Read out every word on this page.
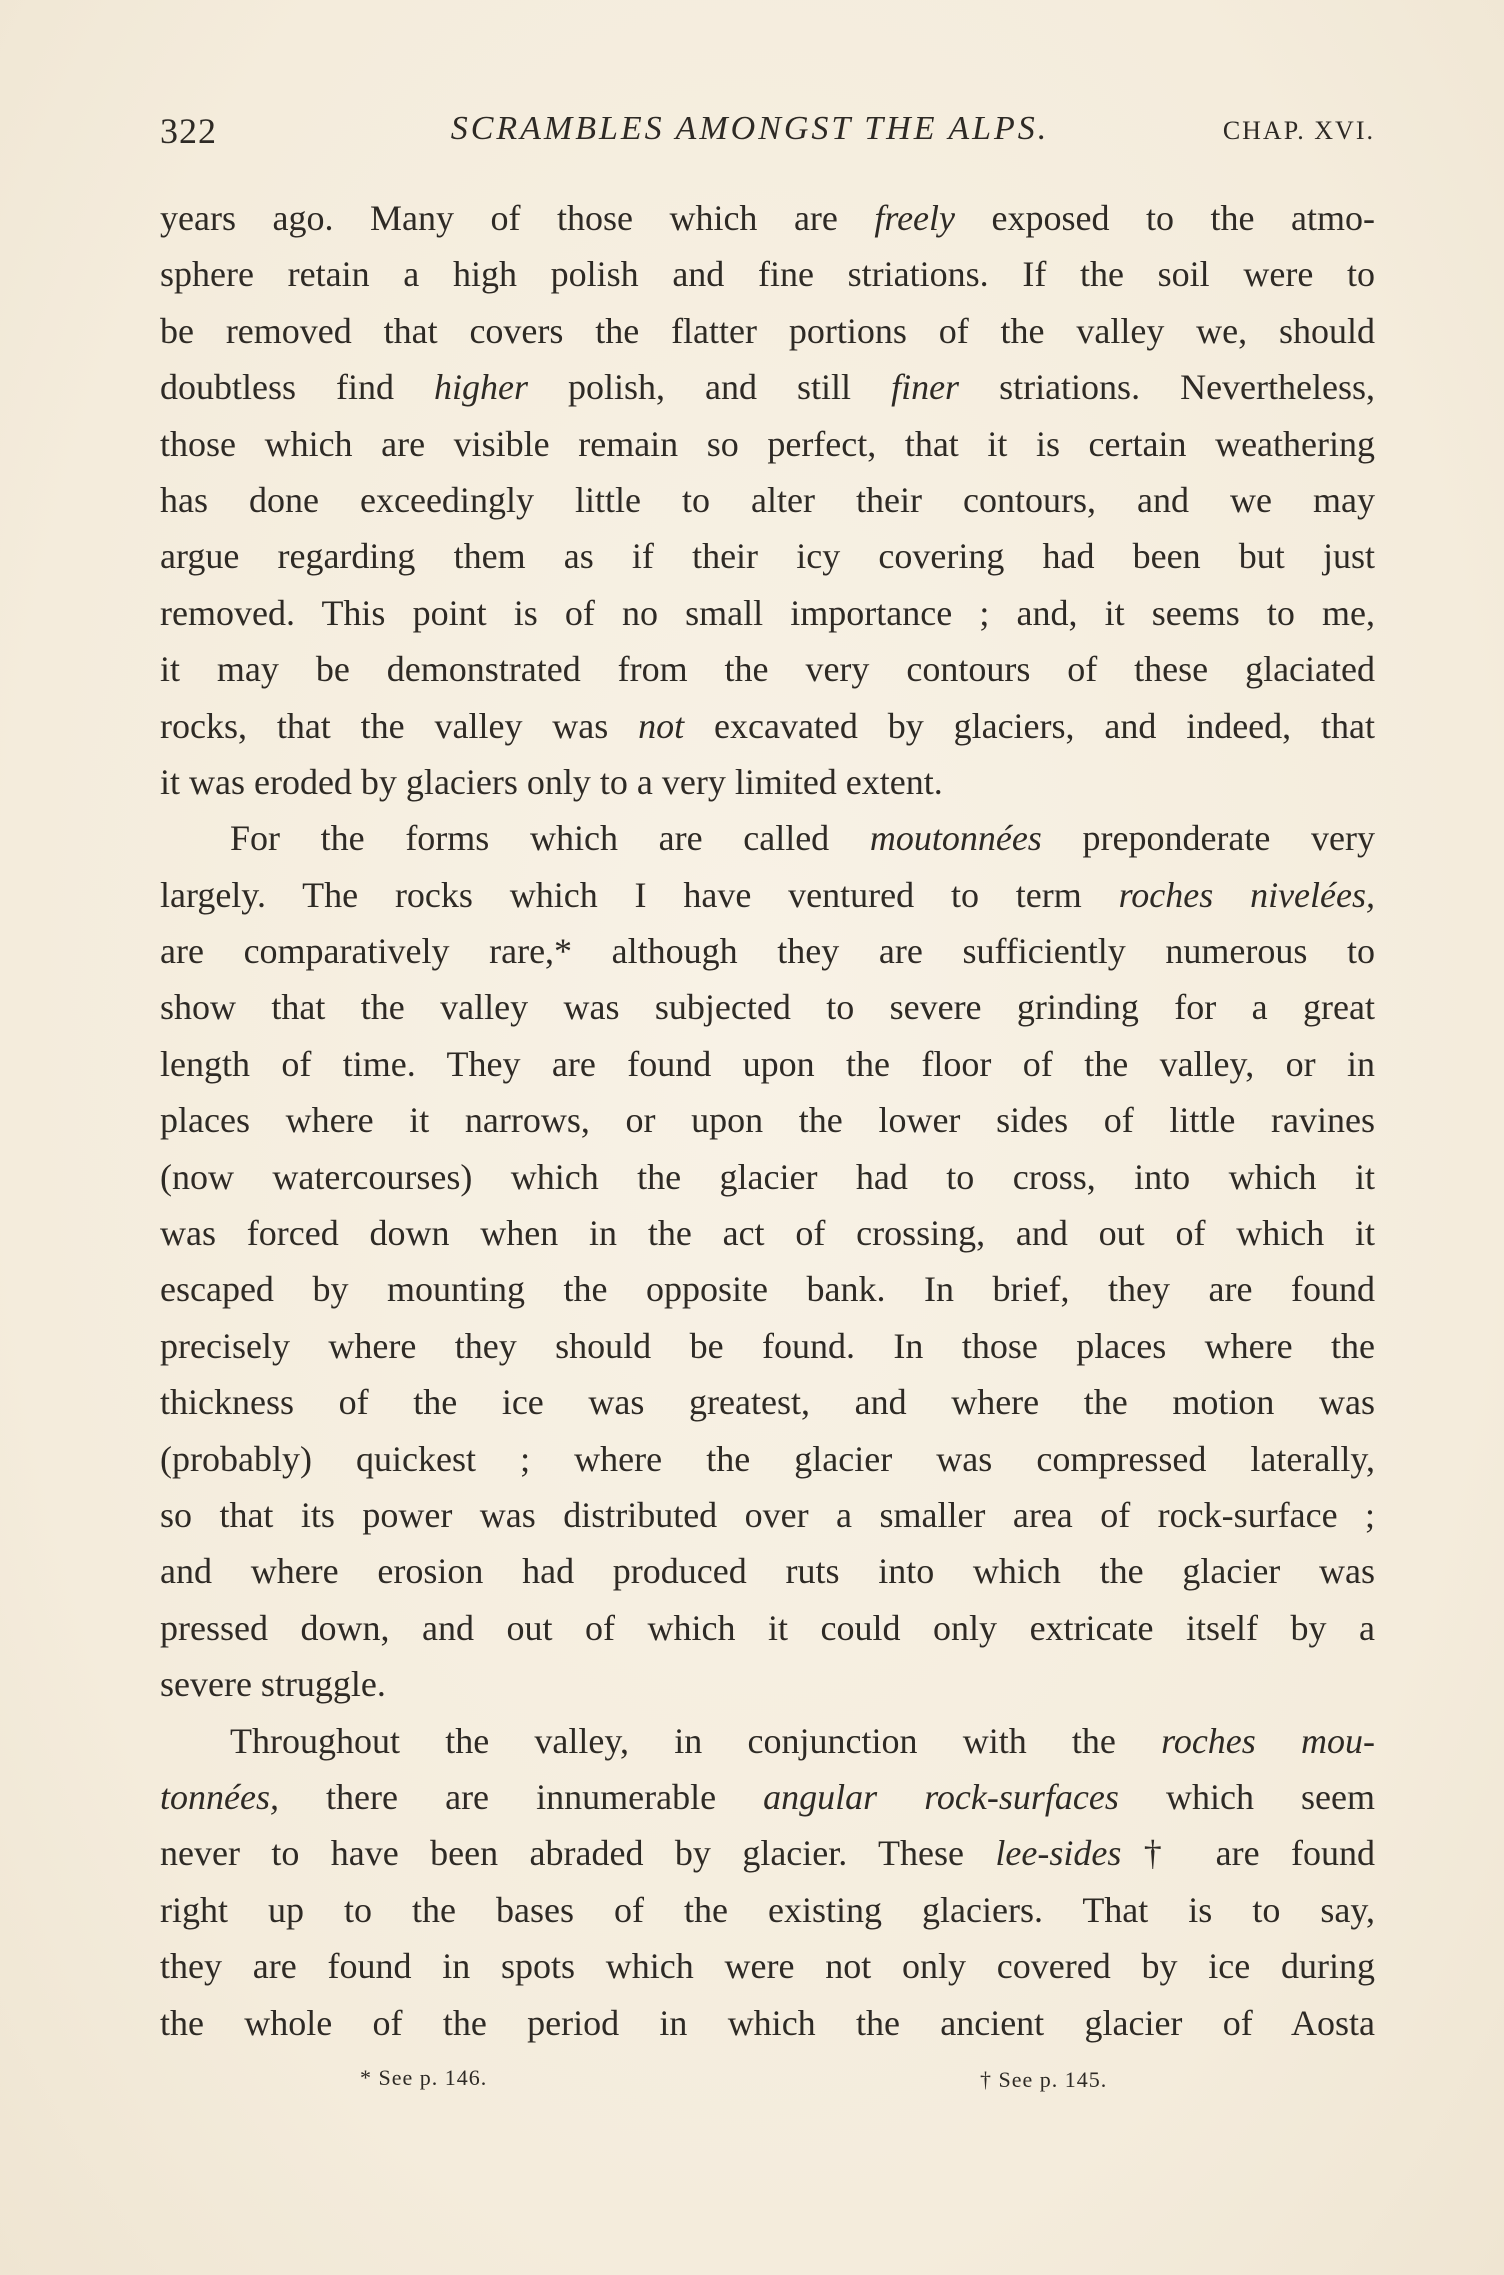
322	SCRAMBLES AMONGST THE ALPS.	CHAP. XVI.
years ago. Many of those which are freely exposed to the atmo-
sphere retain a high polish and fine striations. If the soil were to
be removed that covers the flatter portions of the valley we, should
doubtless find higher polish, and still finer striations. Nevertheless,
those which are visible remain so perfect, that it is certain weathering
has done exceedingly little to alter their contours, and we may
argue regarding them as if their icy covering had been but just
removed. This point is of no small importance ; and, it seems to me,
it may be demonstrated from the very contours of these glaciated
rocks, that the valley was not excavated by glaciers, and indeed, that
it was eroded by glaciers only to a very limited extent.
For the forms which are called moutonnées preponderate very
largely. The rocks which I have ventured to term roches nivelées,
are comparatively rare,* although they are sufficiently numerous to
show that the valley was subjected to severe grinding for a great
length of time. They are found upon the floor of the valley, or in
places where it narrows, or upon the lower sides of little ravines
(now watercourses) which the glacier had to cross, into which it
was forced down when in the act of crossing, and out of which it
escaped by mounting the opposite bank. In brief, they are found
precisely where they should be found. In those places where the
thickness of the ice was greatest, and where the motion was
(probably) quickest ; where the glacier was compressed laterally,
so that its power was distributed over a smaller area of rock-surface ;
and where erosion had produced ruts into which the glacier was
pressed down, and out of which it could only extricate itself by a
severe struggle.
Throughout the valley, in conjunction with the roches mou-
tonnées, there are innumerable angular rock-surfaces which seem
never to have been abraded by glacier. These lee-sides† are found
right up to the bases of the existing glaciers. That is to say,
they are found in spots which were not only covered by ice during
the whole of the period in which the ancient glacier of Aosta
* See p. 146.	† See p. 145.
